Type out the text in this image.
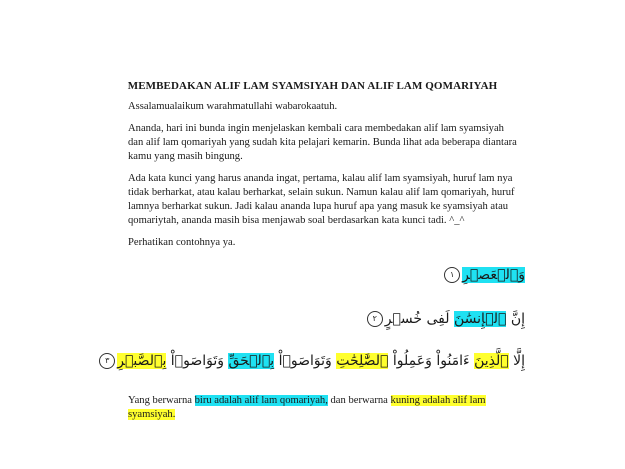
MEMBEDAKAN ALIF LAM SYAMSIYAH DAN ALIF LAM QOMARIYAH
Assalamualaikum warahmatullahi wabarokaatuh.
Ananda, hari ini bunda ingin menjelaskan kembali cara membedakan alif lam syamsiyah dan alif lam qomariyah yang sudah kita pelajari kemarin. Bunda lihat ada beberapa diantara kamu yang masih bingung.
Ada kata kunci yang harus ananda ingat, pertama, kalau alif lam syamsiyah, huruf lam nya tidak berharkat, atau kalau berharkat, selain sukun. Namun kalau alif lam qomariyah, huruf lamnya berharkat sukun. Jadi kalau ananda lupa huruf apa yang masuk ke syamsiyah atau qomariytah, ananda masih bisa menjawab soal berdasarkan kata kunci tadi. ^_^
Perhatikan contohnya ya.
وَٱلۡعَصۡرِ١
إِنَّ ٱلۡإِنسَٰنَ لَفِى خُسۡرٍ٢
إِلَّا ٱلَّذِينَ ءَامَنُواْ وَعَمِلُواْ ٱلصَّٰلِحَٰتِ وَتَوَاصَوۡاْ بِٱلۡحَقِّ وَتَوَاصَوۡاْ بِٱلصَّبۡرِ٣
Yang berwarna biru adalah alif lam qomariyah, dan berwarna kuning adalah alif lam syamsiyah.
